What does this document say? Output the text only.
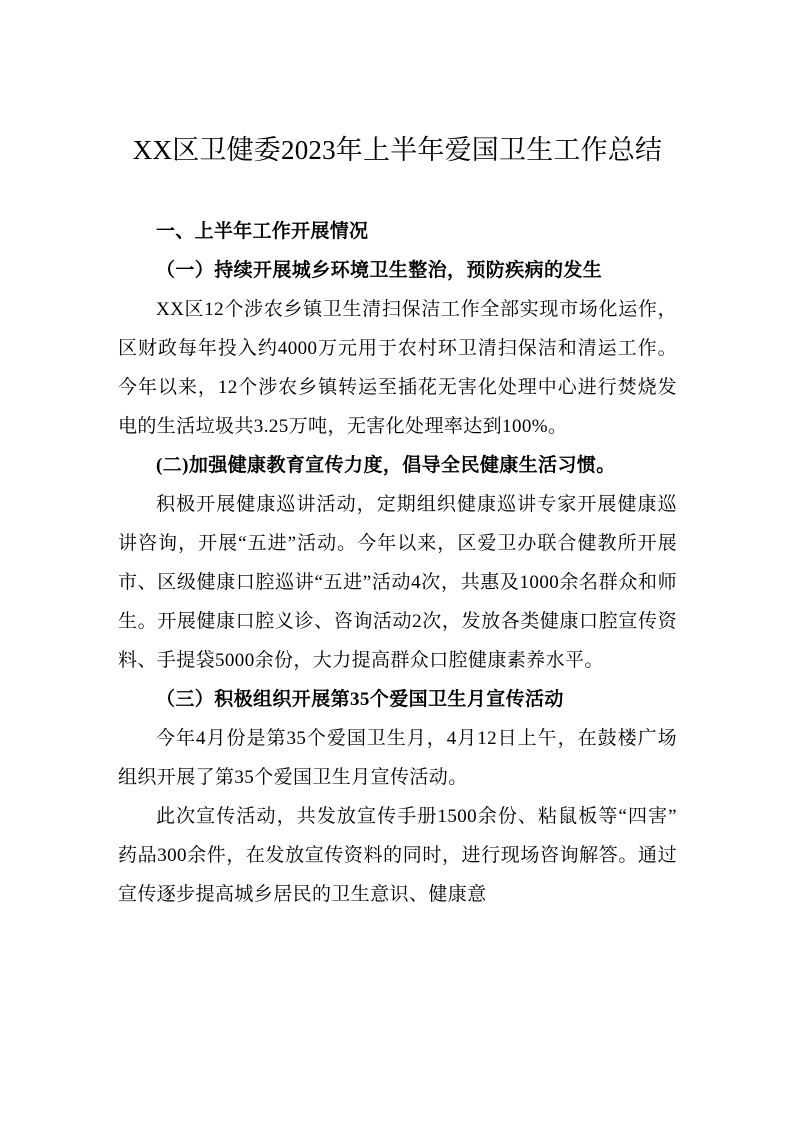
XX区卫健委2023年上半年爱国卫生工作总结
一、上半年工作开展情况
（一）持续开展城乡环境卫生整治，预防疾病的发生

XX区12个涉农乡镇卫生清扫保洁工作全部实现市场化运作，区财政每年投入约4000万元用于农村环卫清扫保洁和清运工作。今年以来，12个涉农乡镇转运至插花无害化处理中心进行焚烧发电的生活垃圾共3.25万吨，无害化处理率达到100%。

(二)加强健康教育宣传力度，倡导全民健康生活习惯。

积极开展健康巡讲活动，定期组织健康巡讲专家开展健康巡讲咨询，开展“五进”活动。今年以来，区爱卫办联合健教所开展市、区级健康口腔巡讲“五进”活动4次，共惠及1000余名群众和师生。开展健康口腔义诊、咨询活动2次，发放各类健康口腔宣传资料、手提袋5000余份，大力提高群众口腔健康素养水平。

（三）积极组织开展第35个爱国卫生月宣传活动

今年4月份是第35个爱国卫生月，4月12日上午，在鼓楼广场组织开展了第35个爱国卫生月宣传活动。

此次宣传活动，共发放宣传手册1500余份、粘鼠板等“四害”药品300余件，在发放宣传资料的同时，进行现场咨询解答。通过宣传逐步提高城乡居民的卫生意识、健康意
